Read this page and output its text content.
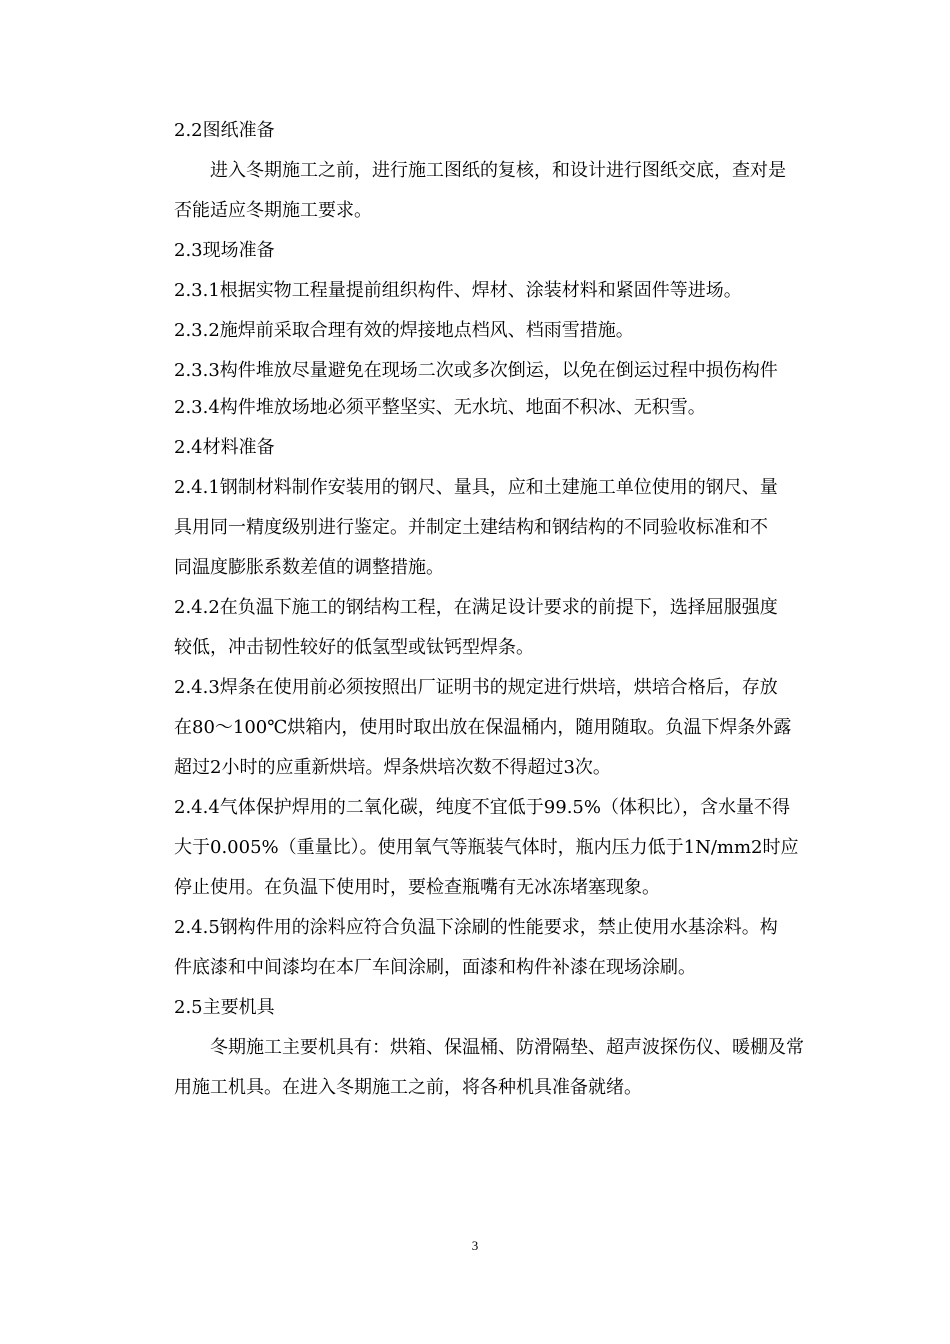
2.2图纸准备
进入冬期施工之前，进行施工图纸的复核，和设计进行图纸交底，查对是
否能适应冬期施工要求。
2.3现场准备
2.3.1根据实物工程量提前组织构件、焊材、涂装材料和紧固件等进场。
2.3.2施焊前采取合理有效的焊接地点档风、档雨雪措施。
2.3.3构件堆放尽量避免在现场二次或多次倒运，以免在倒运过程中损伤构件
2.3.4构件堆放场地必须平整坚实、无水坑、地面不积冰、无积雪。
2.4材料准备
2.4.1钢制材料制作安装用的钢尺、量具，应和土建施工单位使用的钢尺、量
具用同一精度级别进行鉴定。并制定土建结构和钢结构的不同验收标准和不
同温度膨胀系数差值的调整措施。
2.4.2在负温下施工的钢结构工程，在满足设计要求的前提下，选择屈服强度
较低，冲击韧性较好的低氢型或钛钙型焊条。
2.4.3焊条在使用前必须按照出厂证明书的规定进行烘培，烘培合格后，存放
在80～100℃烘箱内，使用时取出放在保温桶内，随用随取。负温下焊条外露
超过2小时的应重新烘培。焊条烘培次数不得超过3次。
2.4.4气体保护焊用的二氧化碳，纯度不宜低于99.5%（体积比），含水量不得
大于0.005%（重量比）。使用氧气等瓶装气体时，瓶内压力低于1N/mm2时应
停止使用。在负温下使用时，要检查瓶嘴有无冰冻堵塞现象。
2.4.5钢构件用的涂料应符合负温下涂刷的性能要求，禁止使用水基涂料。构
件底漆和中间漆均在本厂车间涂刷，面漆和构件补漆在现场涂刷。
2.5主要机具
冬期施工主要机具有：烘箱、保温桶、防滑隔垫、超声波探伤仪、暖棚及常
用施工机具。在进入冬期施工之前，将各种机具准备就绪。
3
